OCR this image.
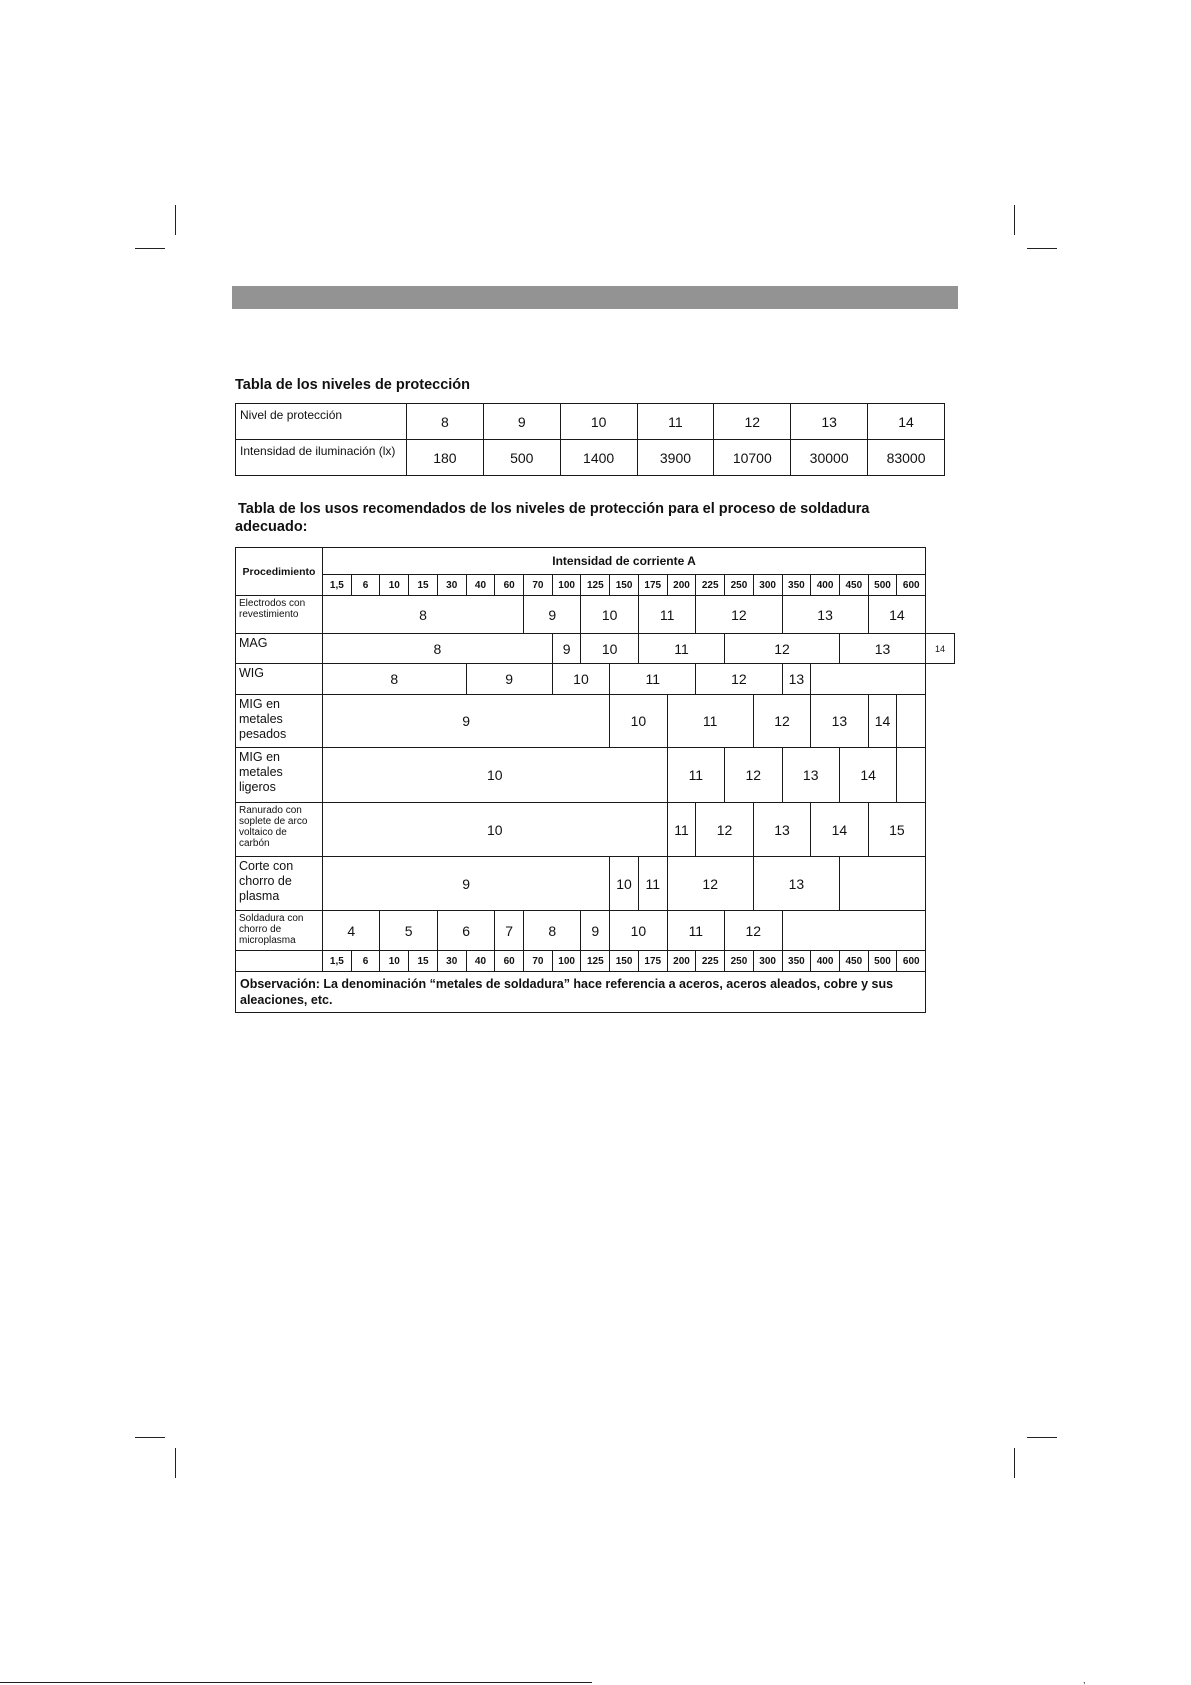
Tabla de los niveles de protección
Nivel de protección	8	9	10	11	12	13	14
Intensidad de iluminación (lx)	180	500	1400	3900	10700	30000	83000
Tabla de los usos recomendados de los niveles de protección para el proceso de soldadura
adecuado:
Procedimiento	Intensidad de corriente A																					
	1,5	6	10	15	30	40	60	70	100	125	150	175	200	225	250	300	350	400	450	500	600	
Electrodos con revestimiento	8							9		10		11		12			13			14		
MAG	8								9	10		11			12				13			14
WIG	8					9			10		11			12			13					
MIG en metales pesados	9										10		11			12		13		14		
MIG en metales ligeros	10												11		12		13		14			
Ranurado con soplete de arco voltaico de carbón	10												11	12		13		14		15		
Corte con chorro de plasma	9										10	11	12			13						
Soldadura con chorro de microplasma	4		5		6		7	8		9	10		11		12							
	1,5	6	10	15	30	40	60	70	100	125	150	175	200	225	250	300	350	400	450	500	600	
Observación: La denominación “metales de soldadura” hace referencia a aceros, aceros aleados, cobre y sus aleaciones, etc.																						
,
